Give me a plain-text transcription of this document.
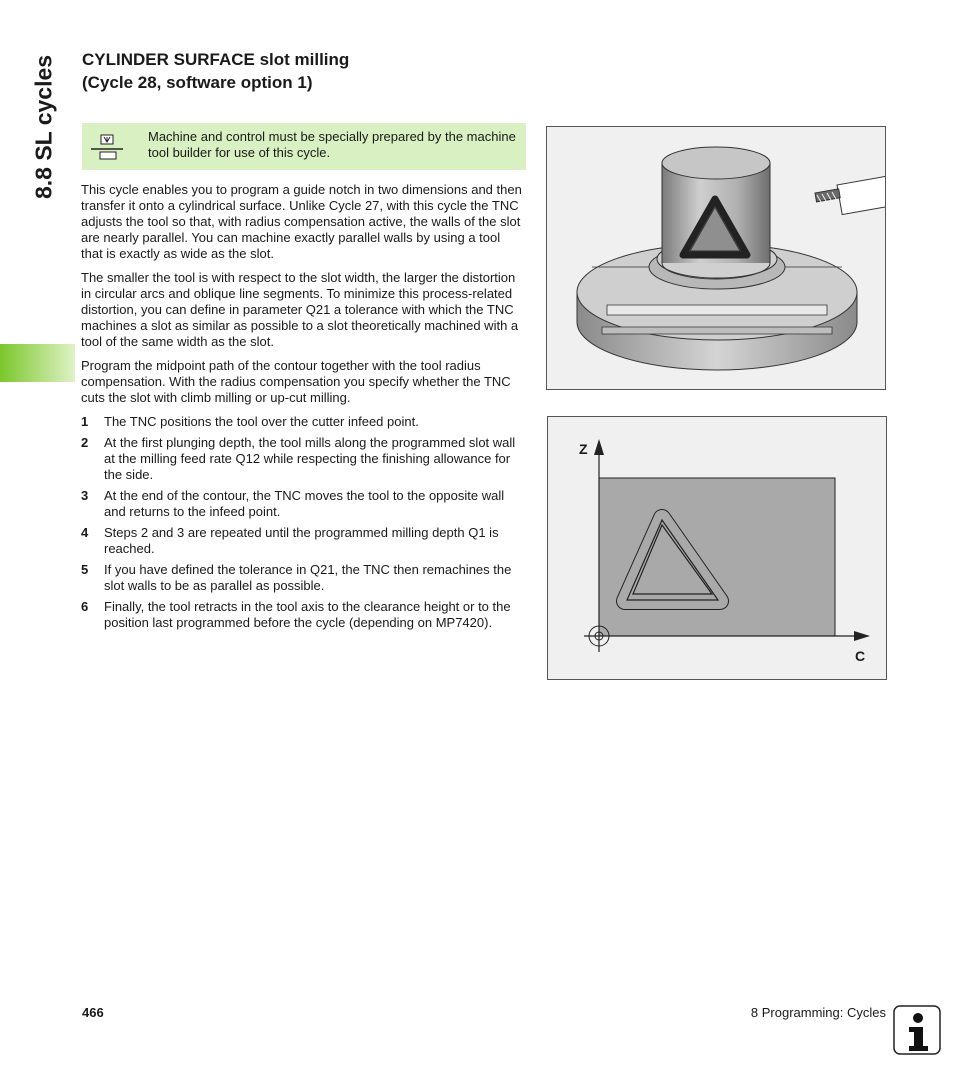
8.8 SL cycles CYLINDER SURFACE slot milling
(Cycle 28, software option 1)
Machine and control must be specially prepared by the machine tool builder for use of this cycle.

This cycle enables you to program a guide notch in two dimensions and then transfer it onto a cylindrical surface. Unlike Cycle 27, with this cycle the TNC adjusts the tool so that, with radius compensation active, the walls of the slot are nearly parallel. You can machine exactly parallel walls by using a tool that is exactly as wide as the slot.

The smaller the tool is with respect to the slot width, the larger the distortion in circular arcs and oblique line segments. To minimize this process-related distortion, you can define in parameter Q21 a tolerance with which the TNC machines a slot as similar as possible to a slot theoretically machined with a tool of the same width as the slot.

Program the midpoint path of the contour together with the tool radius compensation. With the radius compensation you specify whether the TNC cuts the slot with climb milling or up-cut milling.

1 The TNC positions the tool over the cutter infeed point.
2 At the first plunging depth, the tool mills along the programmed slot wall at the milling feed rate Q12 while respecting the finishing allowance for the side.
3 At the end of the contour, the TNC moves the tool to the opposite wall and returns to the infeed point.
4 Steps 2 and 3 are repeated until the programmed milling depth Q1 is reached.
5 If you have defined the tolerance in Q21, the TNC then remachines the slot walls to be as parallel as possible.
6 Finally, the tool retracts in the tool axis to the clearance height or to the position last programmed before the cycle (depending on MP7420).
Z
C
466	8 Programming: Cycles
